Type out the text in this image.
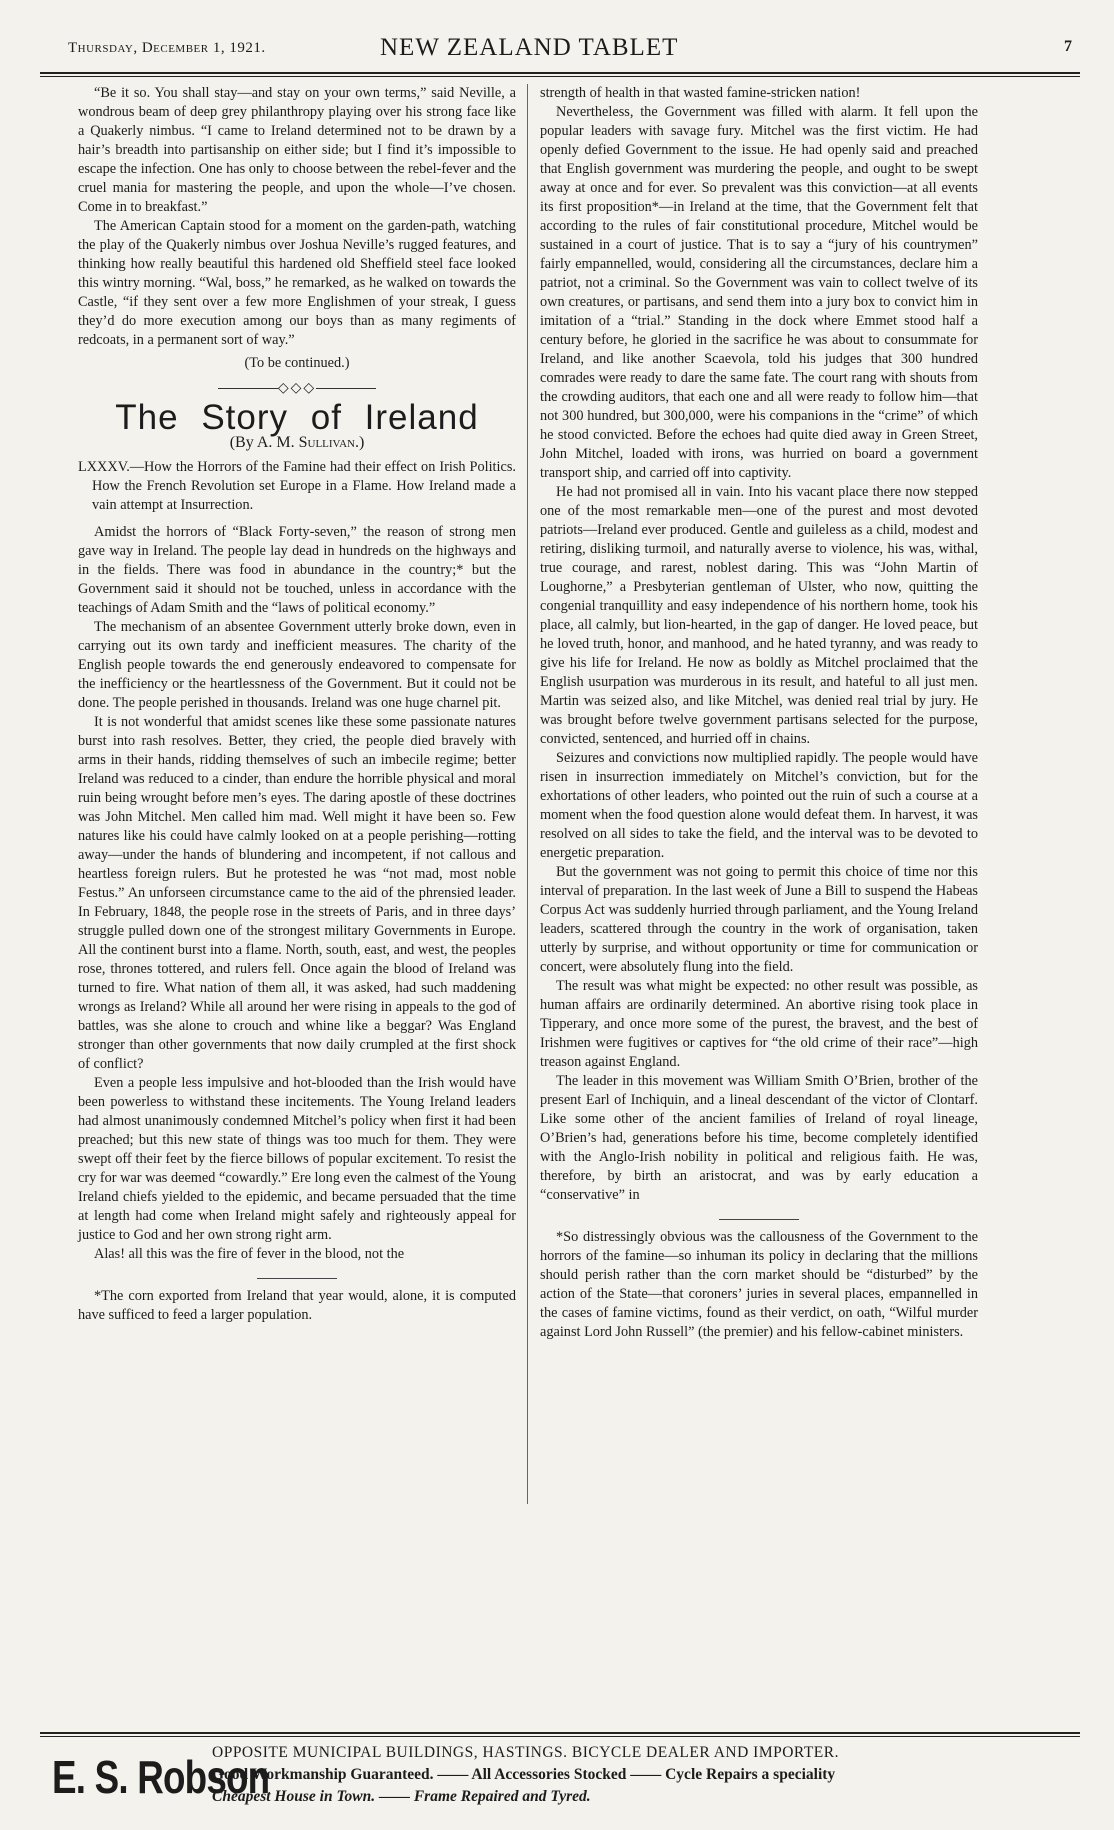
Thursday, December 1, 1921.	NEW ZEALAND TABLET	7

“Be it so. You shall stay—and stay on your own terms,” said Neville, a wondrous beam of deep grey philanthropy playing over his strong face like a Quakerly nimbus. “I came to Ireland determined not to be drawn by a hair’s breadth into partisanship on either side; but I find it’s impossible to escape the infection. One has only to choose between the rebel-fever and the cruel mania for mastering the people, and upon the whole—I’ve chosen. Come in to breakfast.”

The American Captain stood for a moment on the garden-path, watching the play of the Quakerly nimbus over Joshua Neville’s rugged features, and thinking how really beautiful this hardened old Sheffield steel face looked this wintry morning. “Wal, boss,” he remarked, as he walked on towards the Castle, “if they sent over a few more Englishmen of your streak, I guess they’d do more execution among our boys than as many regiments of redcoats, in a permanent sort of way.”

(To be continued.)
◇◇◇
The Story of Ireland
(By A. M. Sullivan.)

LXXXV.—How the Horrors of the Famine had their effect on Irish Politics. How the French Revolution set Europe in a Flame. How Ireland made a vain attempt at Insurrection.

Amidst the horrors of “Black Forty-seven,” the reason of strong men gave way in Ireland. The people lay dead in hundreds on the highways and in the fields. There was food in abundance in the country;* but the Government said it should not be touched, unless in accordance with the teachings of Adam Smith and the “laws of political economy.”

The mechanism of an absentee Government utterly broke down, even in carrying out its own tardy and inefficient measures. The charity of the English people towards the end generously endeavored to compensate for the inefficiency or the heartlessness of the Government. But it could not be done. The people perished in thousands. Ireland was one huge charnel pit.

It is not wonderful that amidst scenes like these some passionate natures burst into rash resolves. Better, they cried, the people died bravely with arms in their hands, ridding themselves of such an imbecile regime; better Ireland was reduced to a cinder, than endure the horrible physical and moral ruin being wrought before men’s eyes. The daring apostle of these doctrines was John Mitchel. Men called him mad. Well might it have been so. Few natures like his could have calmly looked on at a people perishing—rotting away—under the hands of blundering and incompetent, if not callous and heartless foreign rulers. But he protested he was “not mad, most noble Festus.” An unforseen circumstance came to the aid of the phrensied leader. In February, 1848, the people rose in the streets of Paris, and in three days’ struggle pulled down one of the strongest military Governments in Europe. All the continent burst into a flame. North, south, east, and west, the peoples rose, thrones tottered, and rulers fell. Once again the blood of Ireland was turned to fire. What nation of them all, it was asked, had such maddening wrongs as Ireland? While all around her were rising in appeals to the god of battles, was she alone to crouch and whine like a beggar? Was England stronger than other governments that now daily crumpled at the first shock of conflict?

Even a people less impulsive and hot-blooded than the Irish would have been powerless to withstand these incitements. The Young Ireland leaders had almost unanimously condemned Mitchel’s policy when first it had been preached; but this new state of things was too much for them. They were swept off their feet by the fierce billows of popular excitement. To resist the cry for war was deemed “cowardly.” Ere long even the calmest of the Young Ireland chiefs yielded to the epidemic, and became persuaded that the time at length had come when Ireland might safely and righteously appeal for justice to God and her own strong right arm.

Alas! all this was the fire of fever in the blood, not the

*The corn exported from Ireland that year would, alone, it is computed have sufficed to feed a larger population.

strength of health in that wasted famine-stricken nation!

Nevertheless, the Government was filled with alarm. It fell upon the popular leaders with savage fury. Mitchel was the first victim. He had openly defied Government to the issue. He had openly said and preached that English government was murdering the people, and ought to be swept away at once and for ever. So prevalent was this conviction—at all events its first proposition*—in Ireland at the time, that the Government felt that according to the rules of fair constitutional procedure, Mitchel would be sustained in a court of justice. That is to say a “jury of his countrymen” fairly empannelled, would, considering all the circumstances, declare him a patriot, not a criminal. So the Government was vain to collect twelve of its own creatures, or partisans, and send them into a jury box to convict him in imitation of a “trial.” Standing in the dock where Emmet stood half a century before, he gloried in the sacrifice he was about to consummate for Ireland, and like another Scaevola, told his judges that 300 hundred comrades were ready to dare the same fate. The court rang with shouts from the crowding auditors, that each one and all were ready to follow him—that not 300 hundred, but 300,000, were his companions in the “crime” of which he stood convicted. Before the echoes had quite died away in Green Street, John Mitchel, loaded with irons, was hurried on board a government transport ship, and carried off into captivity.

He had not promised all in vain. Into his vacant place there now stepped one of the most remarkable men—one of the purest and most devoted patriots—Ireland ever produced. Gentle and guileless as a child, modest and retiring, disliking turmoil, and naturally averse to violence, his was, withal, true courage, and rarest, noblest daring. This was “John Martin of Loughorne,” a Presbyterian gentleman of Ulster, who now, quitting the congenial tranquillity and easy independence of his northern home, took his place, all calmly, but lion-hearted, in the gap of danger. He loved peace, but he loved truth, honor, and manhood, and he hated tyranny, and was ready to give his life for Ireland. He now as boldly as Mitchel proclaimed that the English usurpation was murderous in its result, and hateful to all just men. Martin was seized also, and like Mitchel, was denied real trial by jury. He was brought before twelve government partisans selected for the purpose, convicted, sentenced, and hurried off in chains.

Seizures and convictions now multiplied rapidly. The people would have risen in insurrection immediately on Mitchel’s conviction, but for the exhortations of other leaders, who pointed out the ruin of such a course at a moment when the food question alone would defeat them. In harvest, it was resolved on all sides to take the field, and the interval was to be devoted to energetic preparation.

But the government was not going to permit this choice of time nor this interval of preparation. In the last week of June a Bill to suspend the Habeas Corpus Act was suddenly hurried through parliament, and the Young Ireland leaders, scattered through the country in the work of organisation, taken utterly by surprise, and without opportunity or time for communication or concert, were absolutely flung into the field.

The result was what might be expected: no other result was possible, as human affairs are ordinarily determined. An abortive rising took place in Tipperary, and once more some of the purest, the bravest, and the best of Irishmen were fugitives or captives for “the old crime of their race”—high treason against England.

The leader in this movement was William Smith O’Brien, brother of the present Earl of Inchiquin, and a lineal descendant of the victor of Clontarf. Like some other of the ancient families of Ireland of royal lineage, O’Brien’s had, generations before his time, become completely identified with the Anglo-Irish nobility in political and religious faith. He was, therefore, by birth an aristocrat, and was by early education a “conservative” in

*So distressingly obvious was the callousness of the Government to the horrors of the famine—so inhuman its policy in declaring that the millions should perish rather than the corn market should be “disturbed” by the action of the State—that coroners’ juries in several places, empannelled in the cases of famine victims, found as their verdict, on oath, “Wilful murder against Lord John Russell” (the premier) and his fellow-cabinet ministers.

E. S. Robson
OPPOSITE MUNICIPAL BUILDINGS, HASTINGS. BICYCLE DEALER AND IMPORTER.
Good Workmanship Guaranteed. —— All Accessories Stocked —— Cycle Repairs a speciality
Cheapest House in Town. —— Frame Repaired and Tyred.
